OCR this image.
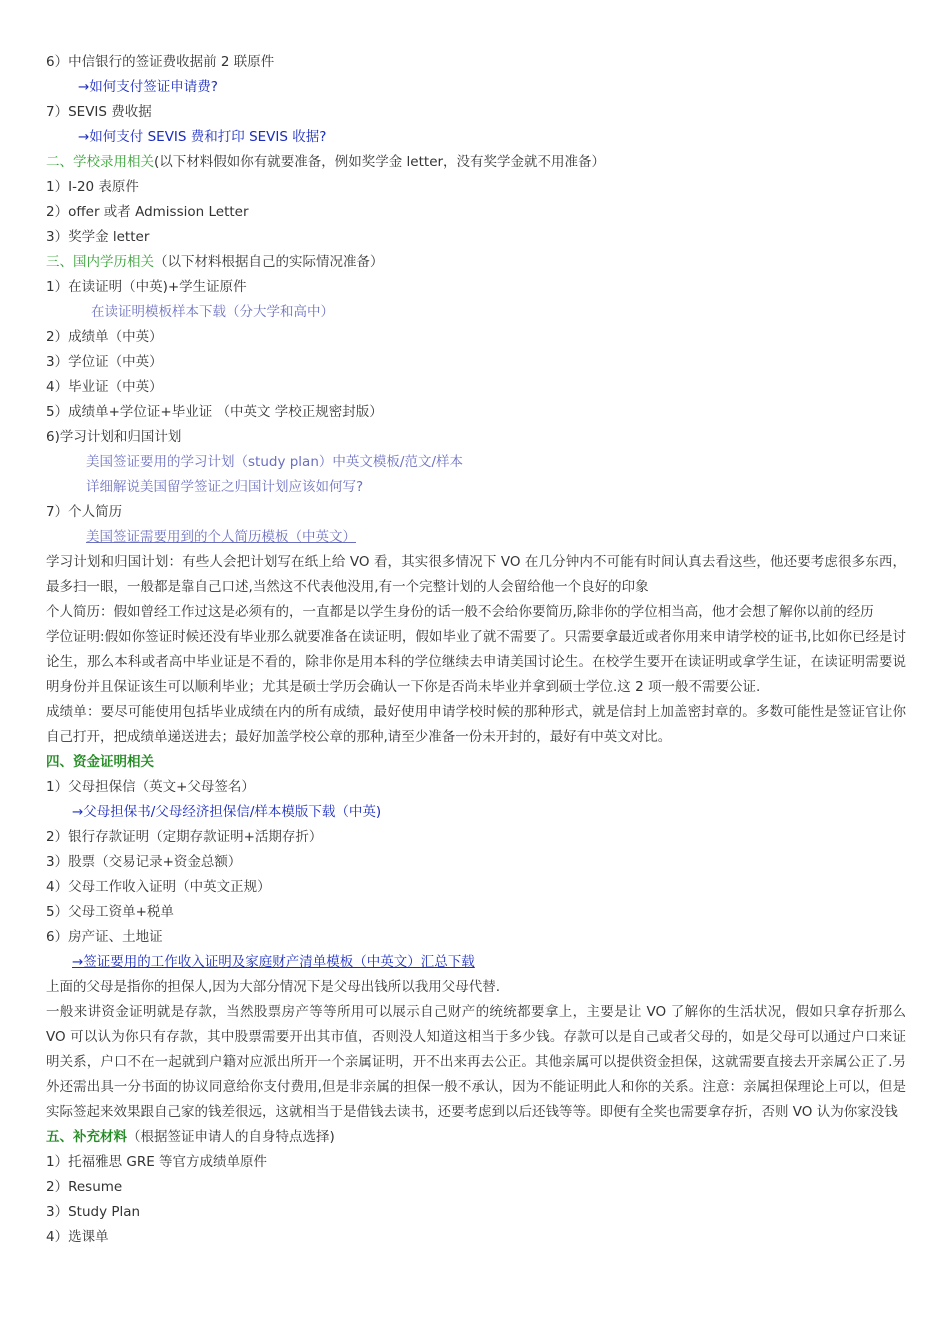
6）中信银行的签证费收据前 2 联原件
→如何支付签证申请费?
7）SEVIS 费收据
→如何支付 SEVIS 费和打印 SEVIS 收据?
二、学校录用相关(以下材料假如你有就要准备，例如奖学金 letter，没有奖学金就不用准备）
1）I-20 表原件
2）offer 或者 Admission Letter
3）奖学金 letter
三、国内学历相关（以下材料根据自己的实际情况准备）
1）在读证明（中英)+学生证原件
在读证明模板样本下载（分大学和高中）
2）成绩单（中英）
3）学位证（中英）
4）毕业证（中英）
5）成绩单+学位证+毕业证 （中英文 学校正规密封版）
6)学习计划和归国计划
美国签证要用的学习计划（study plan）中英文模板/范文/样本
详细解说美国留学签证之归国计划应该如何写?
7）个人简历
美国签证需要用到的个人简历模板（中英文）
学习计划和归国计划：有些人会把计划写在纸上给 VO 看，其实很多情况下 VO 在几分钟内不可能有时间认真去看这些，他还要考虑很多东西，最多扫一眼，一般都是靠自己口述,当然这不代表他没用,有一个完整计划的人会留给他一个良好的印象
个人简历：假如曾经工作过这是必须有的，一直都是以学生身份的话一般不会给你要简历,除非你的学位相当高，他才会想了解你以前的经历
学位证明:假如你签证时候还没有毕业那么就要准备在读证明，假如毕业了就不需要了。只需要拿最近或者你用来申请学校的证书,比如你已经是讨论生，那么本科或者高中毕业证是不看的，除非你是用本科的学位继续去申请美国讨论生。在校学生要开在读证明或拿学生证，在读证明需要说明身份并且保证该生可以顺利毕业；尤其是硕士学历会确认一下你是否尚未毕业并拿到硕士学位.这 2 项一般不需要公证.
成绩单：要尽可能使用包括毕业成绩在内的所有成绩，最好使用申请学校时候的那种形式，就是信封上加盖密封章的。多数可能性是签证官让你自己打开，把成绩单递送进去；最好加盖学校公章的那种,请至少准备一份未开封的，最好有中英文对比。
四、资金证明相关
1）父母担保信（英文+父母签名）
→父母担保书/父母经济担保信/样本模版下载（中英)
2）银行存款证明（定期存款证明+活期存折）
3）股票（交易记录+资金总额）
4）父母工作收入证明（中英文正规）
5）父母工资单+税单
6）房产证、土地证
→签证要用的工作收入证明及家庭财产清单模板（中英文）汇总下载
上面的父母是指你的担保人,因为大部分情况下是父母出钱所以我用父母代替.
一般来讲资金证明就是存款，当然股票房产等等所用可以展示自己财产的统统都要拿上，主要是让 VO 了解你的生活状况，假如只拿存折那么 VO 可以认为你只有存款，其中股票需要开出其市值，否则没人知道这相当于多少钱。存款可以是自己或者父母的，如是父母可以通过户口来证明关系，户口不在一起就到户籍对应派出所开一个亲属证明，开不出来再去公正。其他亲属可以提供资金担保，这就需要直接去开亲属公正了.另外还需出具一分书面的协议同意给你支付费用,但是非亲属的担保一般不承认，因为不能证明此人和你的关系。注意：亲属担保理论上可以，但是实际签起来效果跟自己家的钱差很远，这就相当于是借钱去读书，还要考虑到以后还钱等等。即便有全奖也需要拿存折，否则 VO 认为你家没钱
五、补充材料（根据签证申请人的自身特点选择)
1）托福雅思 GRE 等官方成绩单原件
2）Resume
3）Study Plan
4）选课单
